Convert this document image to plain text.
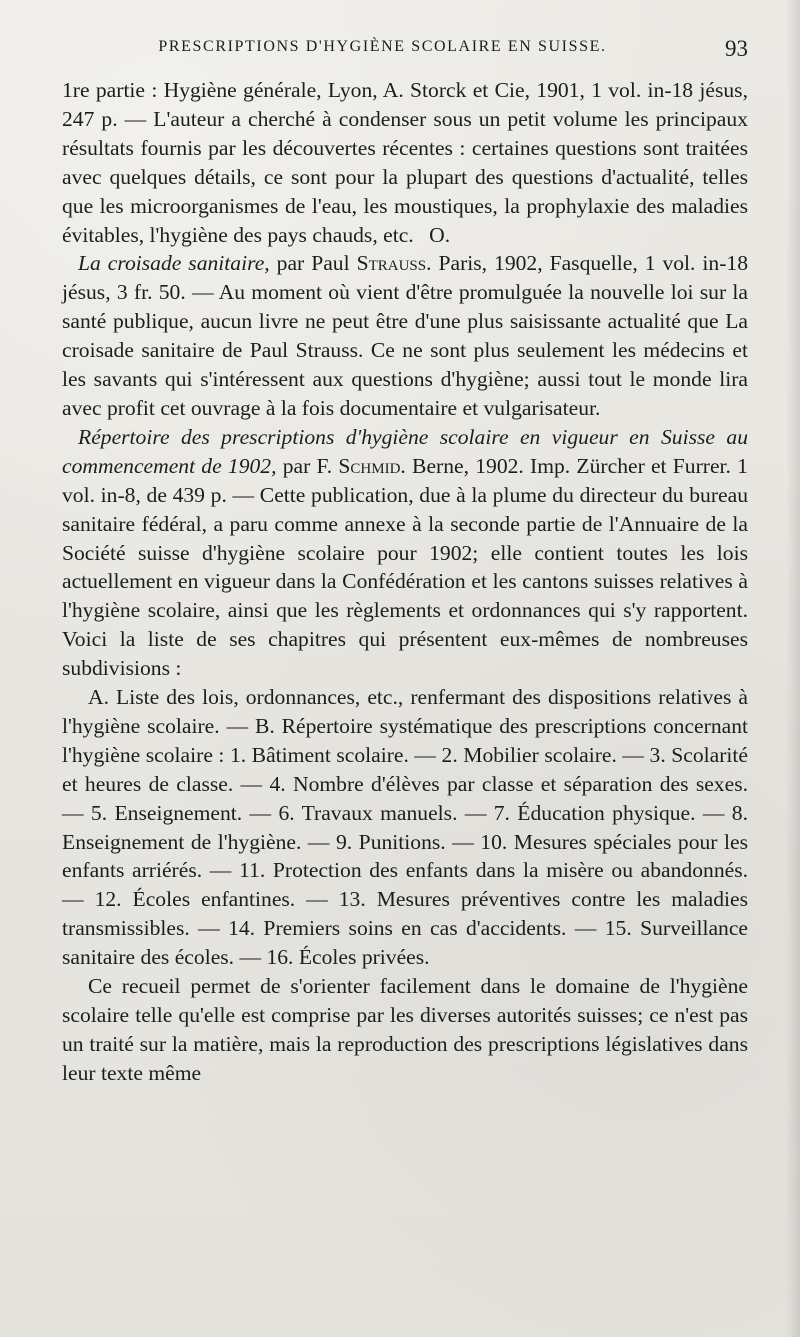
PRESCRIPTIONS D'HYGIÈNE SCOLAIRE EN SUISSE.	93

1re partie : Hygiène générale, Lyon, A. Storck et Cie, 1901, 1 vol. in-18 jésus, 247 p. — L'auteur a cherché à condenser sous un petit volume les principaux résultats fournis par les découvertes récentes : certaines questions sont traitées avec quelques détails, ce sont pour la plupart des questions d'actualité, telles que les microorganismes de l'eau, les moustiques, la prophylaxie des maladies évitables, l'hygiène des pays chauds, etc. O.

La croisade sanitaire, par Paul Strauss. Paris, 1902, Fasquelle, 1 vol. in-18 jésus, 3 fr. 50. — Au moment où vient d'être promulguée la nouvelle loi sur la santé publique, aucun livre ne peut être d'une plus saisissante actualité que La croisade sanitaire de Paul Strauss. Ce ne sont plus seulement les médecins et les savants qui s'intéressent aux questions d'hygiène; aussi tout le monde lira avec profit cet ouvrage à la fois documentaire et vulgarisateur.

Répertoire des prescriptions d'hygiène scolaire en vigueur en Suisse au commencement de 1902, par F. Schmid. Berne, 1902. Imp. Zürcher et Furrer. 1 vol. in-8, de 439 p. — Cette publication, due à la plume du directeur du bureau sanitaire fédéral, a paru comme annexe à la seconde partie de l'Annuaire de la Société suisse d'hygiène scolaire pour 1902; elle contient toutes les lois actuellement en vigueur dans la Confédération et les cantons suisses relatives à l'hygiène scolaire, ainsi que les règlements et ordonnances qui s'y rapportent. Voici la liste de ses chapitres qui présentent eux-mêmes de nombreuses subdivisions :

A. Liste des lois, ordonnances, etc., renfermant des dispositions relatives à l'hygiène scolaire. — B. Répertoire systématique des prescriptions concernant l'hygiène scolaire : 1. Bâtiment scolaire. — 2. Mobilier scolaire. — 3. Scolarité et heures de classe. — 4. Nombre d'élèves par classe et séparation des sexes. — 5. Enseignement. — 6. Travaux manuels. — 7. Éducation physique. — 8. Enseignement de l'hygiène. — 9. Punitions. — 10. Mesures spéciales pour les enfants arriérés. — 11. Protection des enfants dans la misère ou abandonnés. — 12. Écoles enfantines. — 13. Mesures préventives contre les maladies transmissibles. — 14. Premiers soins en cas d'accidents. — 15. Surveillance sanitaire des écoles. — 16. Écoles privées.

Ce recueil permet de s'orienter facilement dans le domaine de l'hygiène scolaire telle qu'elle est comprise par les diverses autorités suisses; ce n'est pas un traité sur la matière, mais la reproduction des prescriptions législatives dans leur texte même
